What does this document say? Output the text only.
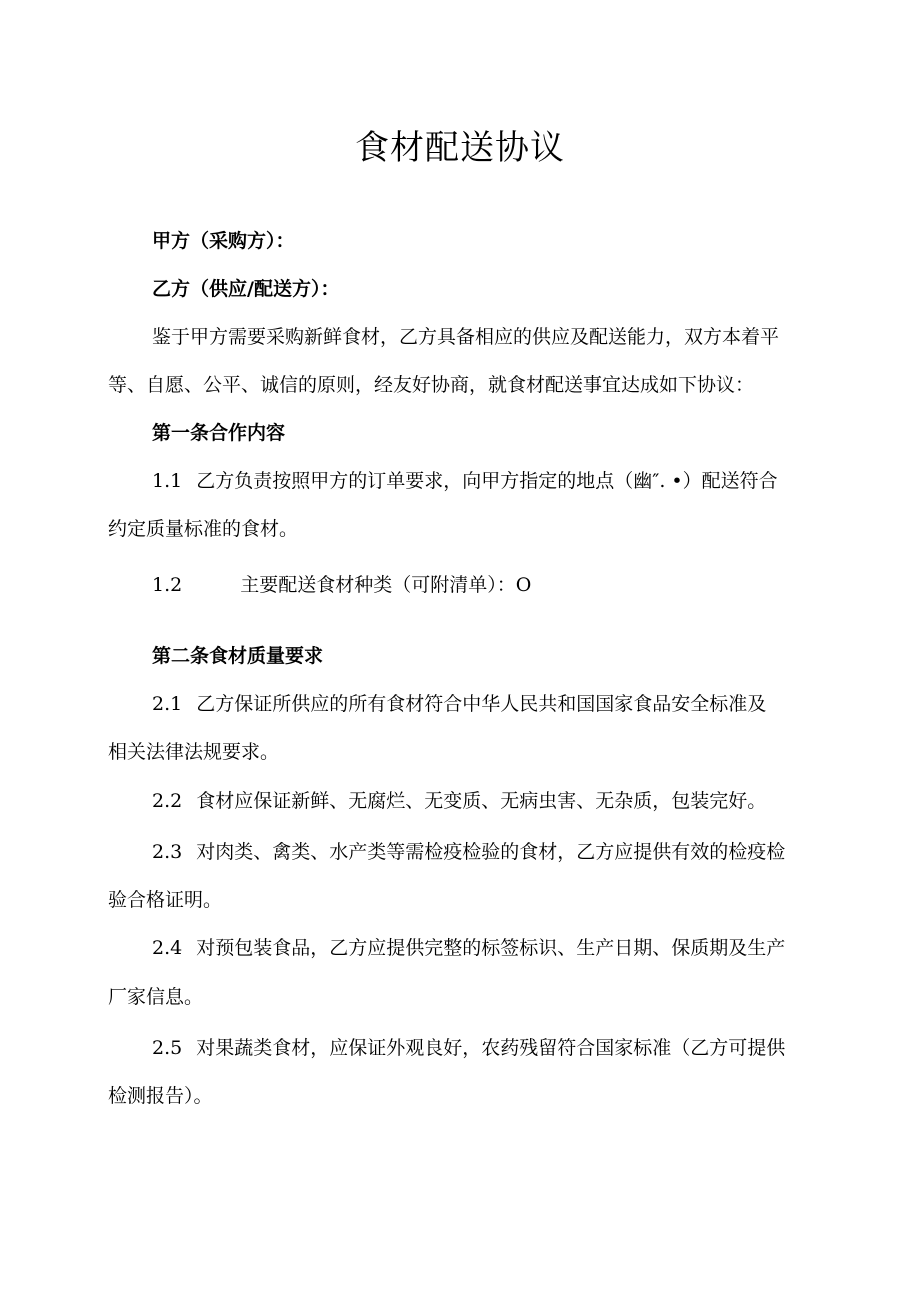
食材配送协议
甲方（采购方）：
乙方（供应/配送方）：
鉴于甲方需要采购新鲜食材，乙方具备相应的供应及配送能力，双方本着平
等、自愿、公平、诚信的原则，经友好协商，就食材配送事宜达成如下协议：
第一条合作内容
1.1 乙方负责按照甲方的订单要求，向甲方指定的地点（幽″. •）配送符合
约定质量标准的食材。
1.2	主要配送食材种类（可附清单）：O
第二条食材质量要求
2.1 乙方保证所供应的所有食材符合中华人民共和国国家食品安全标准及
相关法律法规要求。
2.2 食材应保证新鲜、无腐烂、无变质、无病虫害、无杂质，包装完好。
2.3 对肉类、禽类、水产类等需检疫检验的食材，乙方应提供有效的检疫检
验合格证明。
2.4 对预包装食品，乙方应提供完整的标签标识、生产日期、保质期及生产
厂家信息。
2.5 对果蔬类食材，应保证外观良好，农药残留符合国家标准（乙方可提供
检测报告）。
